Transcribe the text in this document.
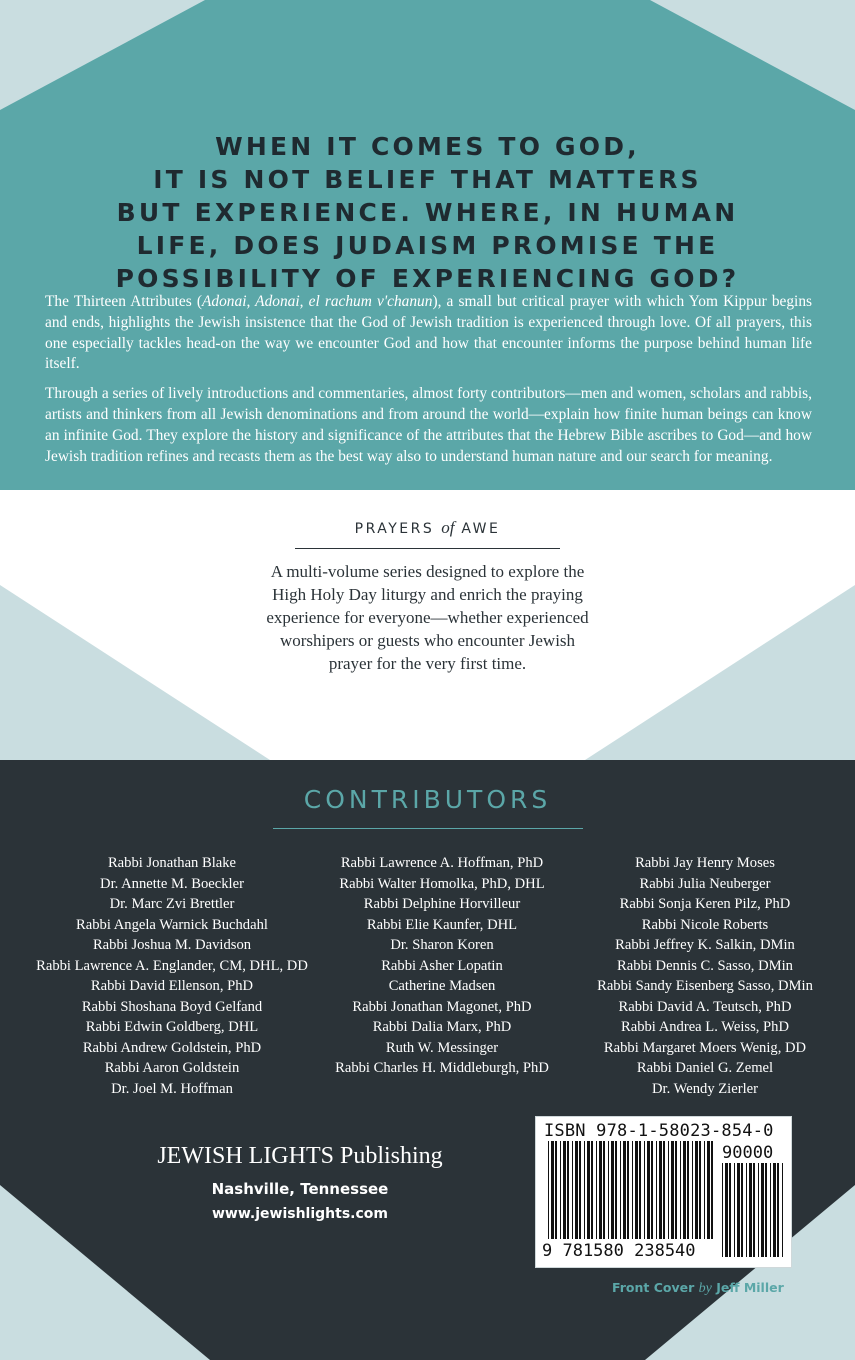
WHEN IT COMES TO GOD,
IT IS NOT BELIEF THAT MATTERS
BUT EXPERIENCE. WHERE, IN HUMAN
LIFE, DOES JUDAISM PROMISE THE
POSSIBILITY OF EXPERIENCING GOD?

The Thirteen Attributes (Adonai, Adonai, el rachum v'chanun), a small but critical prayer with which Yom Kippur begins and ends, highlights the Jewish insistence that the God of Jewish tradition is experienced through love. Of all prayers, this one especially tackles head-on the way we encounter God and how that encounter informs the purpose behind human life itself.

Through a series of lively introductions and commentaries, almost forty contributors—men and women, scholars and rabbis, artists and thinkers from all Jewish denominations and from around the world—explain how finite human beings can know an infinite God. They explore the history and significance of the attributes that the Hebrew Bible ascribes to God—and how Jewish tradition refines and recasts them as the best way also to understand human nature and our search for meaning.

PRAYERS of AWE
A multi-volume series designed to explore the
High Holy Day liturgy and enrich the praying
experience for everyone—whether experienced
worshipers or guests who encounter Jewish
prayer for the very first time.
CONTRIBUTORS
Rabbi Jonathan Blake
Dr. Annette M. Boeckler
Dr. Marc Zvi Brettler
Rabbi Angela Warnick Buchdahl
Rabbi Joshua M. Davidson
Rabbi Lawrence A. Englander, CM, DHL, DD
Rabbi David Ellenson, PhD
Rabbi Shoshana Boyd Gelfand
Rabbi Edwin Goldberg, DHL
Rabbi Andrew Goldstein, PhD
Rabbi Aaron Goldstein
Dr. Joel M. Hoffman
Rabbi Lawrence A. Hoffman, PhD
Rabbi Walter Homolka, PhD, DHL
Rabbi Delphine Horvilleur
Rabbi Elie Kaunfer, DHL
Dr. Sharon Koren
Rabbi Asher Lopatin
Catherine Madsen
Rabbi Jonathan Magonet, PhD
Rabbi Dalia Marx, PhD
Ruth W. Messinger
Rabbi Charles H. Middleburgh, PhD
Rabbi Jay Henry Moses
Rabbi Julia Neuberger
Rabbi Sonja Keren Pilz, PhD
Rabbi Nicole Roberts
Rabbi Jeffrey K. Salkin, DMin
Rabbi Dennis C. Sasso, DMin
Rabbi Sandy Eisenberg Sasso, DMin
Rabbi David A. Teutsch, PhD
Rabbi Andrea L. Weiss, PhD
Rabbi Margaret Moers Wenig, DD
Rabbi Daniel G. Zemel
Dr. Wendy Zierler
JEWISH LIGHTS Publishing
Nashville, Tennessee
www.jewishlights.com
ISBN 978-1-58023-854-0
90000
9 781580 238540
Front Cover by Jeff Miller
